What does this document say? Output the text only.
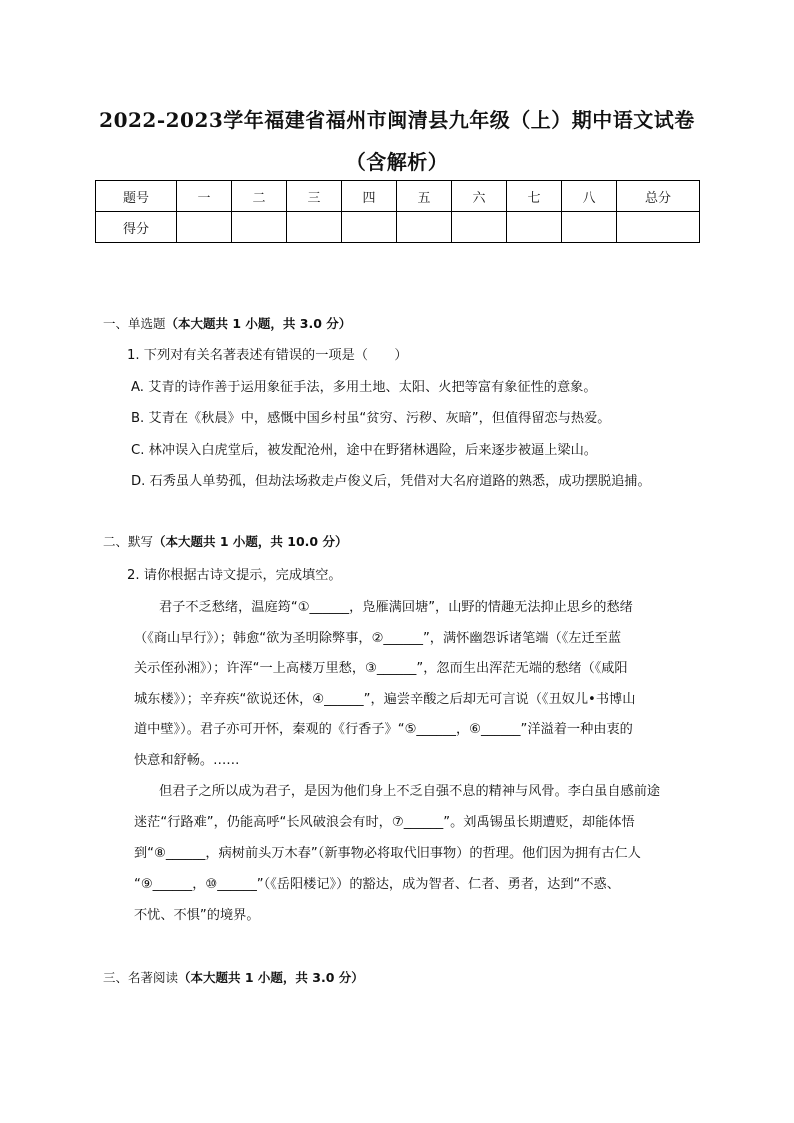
2022-2023学年福建省福州市闽清县九年级（上）期中语文试卷
（含解析）
题号	一	二	三	四	五	六	七	八	总分
得分									
一、单选题（本大题共 1 小题，共 3.0 分）
1. 下列对有关名著表述有错误的一项是（　　）
A. 艾青的诗作善于运用象征手法，多用土地、太阳、火把等富有象征性的意象。
B. 艾青在《秋晨》中，感慨中国乡村虽“贫穷、污秽、灰暗”，但值得留恋与热爱。
C. 林冲误入白虎堂后，被发配沧州，途中在野猪林遇险，后来逐步被逼上梁山。
D. 石秀虽人单势孤，但劫法场救走卢俊义后，凭借对大名府道路的熟悉，成功摆脱追捕。
二、默写（本大题共 1 小题，共 10.0 分）
2. 请你根据古诗文提示，完成填空。
君子不乏愁绪，温庭筠“①______，凫雁满回塘”，山野的情趣无法抑止思乡的愁绪
（《商山早行》）；韩愈“欲为圣明除弊事，②______”，满怀幽怨诉诸笔端（《左迁至蓝
关示侄孙湘》）；许浑“一上高楼万里愁，③______”，忽而生出浑茫无端的愁绪（《咸阳
城东楼》）；辛弃疾“欲说还休，④______”，遍尝辛酸之后却无可言说（《丑奴儿•书博山
道中壁》）。君子亦可开怀，秦观的《行香子》“⑤______，⑥______”洋溢着一种由衷的
快意和舒畅。……
但君子之所以成为君子，是因为他们身上不乏自强不息的精神与风骨。李白虽自感前途
迷茫“行路难”，仍能高呼“长风破浪会有时，⑦______”。刘禹锡虽长期遭贬，却能体悟
到“⑧______，病树前头万木春”（新事物必将取代旧事物）的哲理。他们因为拥有古仁人
“⑨______，⑩______”（《岳阳楼记》）的豁达，成为智者、仁者、勇者，达到“不惑、
不忧、不惧”的境界。
三、名著阅读（本大题共 1 小题，共 3.0 分）
